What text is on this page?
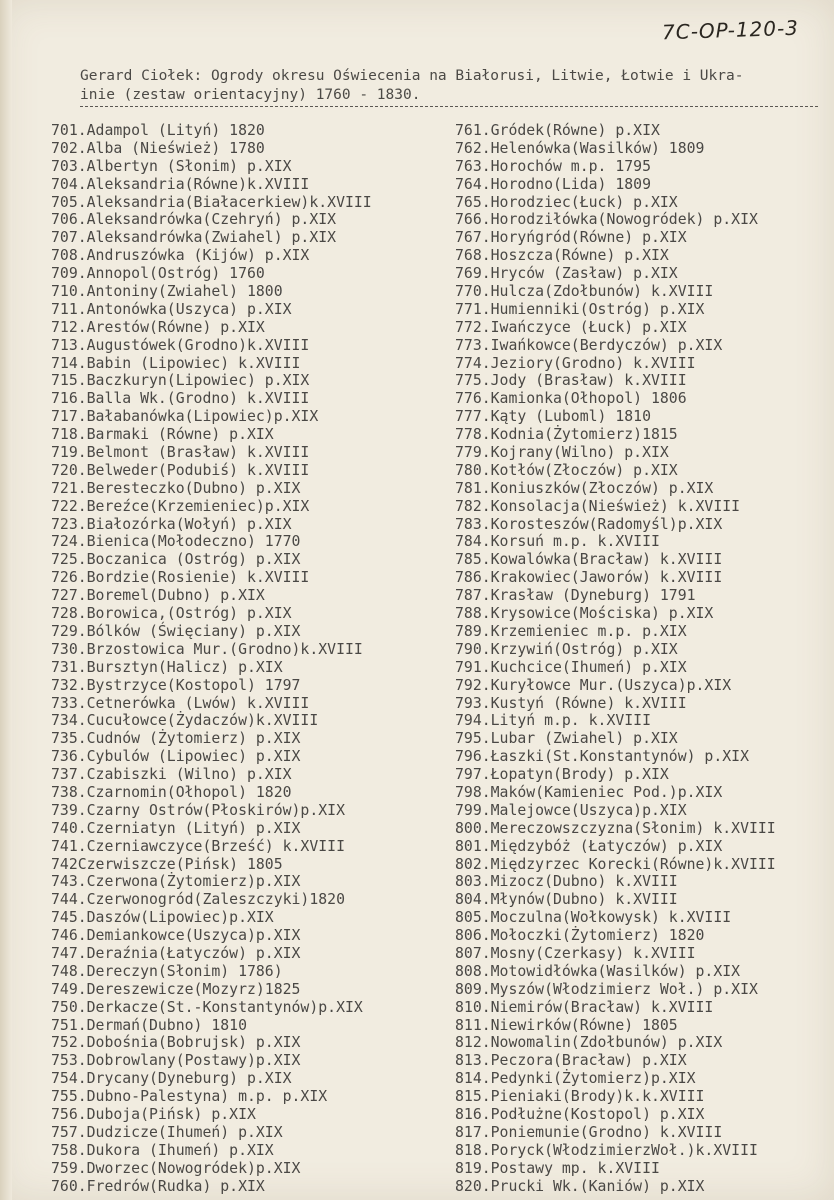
7C-OP-120-3
Gerard Ciołek: Ogrody okresu Oświecenia na Białorusi, Litwie, Łotwie i Ukra-
inie (zestaw orientacyjny) 1760 - 1830.
701.Adampol (Lityń) 1820
702.Alba (Nieśwież) 1780
703.Albertyn (Słonim) p.XIX
704.Aleksandria(Równe)k.XVIII
705.Aleksandria(Białacerkiew)k.XVIII
706.Aleksandrówka(Czehryń) p.XIX
707.Aleksandrówka(Zwiahel) p.XIX
708.Andruszówka (Kijów) p.XIX
709.Annopol(Ostróg) 1760
710.Antoniny(Zwiahel) 1800
711.Antonówka(Uszyca) p.XIX
712.Arestów(Równe) p.XIX
713.Augustówek(Grodno)k.XVIII
714.Babin (Lipowiec) k.XVIII
715.Baczkuryn(Lipowiec) p.XIX
716.Balla Wk.(Grodno) k.XVIII
717.Bałabanówka(Lipowiec)p.XIX
718.Barmaki (Równe) p.XIX
719.Belmont (Brasław) k.XVIII
720.Belweder(Podubiś) k.XVIII
721.Beresteczko(Dubno) p.XIX
722.Bereźce(Krzemieniec)p.XIX
723.Białozórka(Wołyń) p.XIX
724.Bienica(Mołodeczno) 1770
725.Boczanica (Ostróg) p.XIX
726.Bordzie(Rosienie) k.XVIII
727.Boremel(Dubno) p.XIX
728.Borowica,(Ostróg) p.XIX
729.Bólków (Święciany) p.XIX
730.Brzostowica Mur.(Grodno)k.XVIII
731.Bursztyn(Halicz) p.XIX
732.Bystrzyce(Kostopol) 1797
733.Cetnerówka (Lwów) k.XVIII
734.Cucułowce(Żydaczów)k.XVIII
735.Cudnów (Żytomierz) p.XIX
736.Cybulów (Lipowiec) p.XIX
737.Czabiszki (Wilno) p.XIX
738.Czarnomin(Ołhopol) 1820
739.Czarny Ostrów(Płoskirów)p.XIX
740.Czerniatyn (Lityń) p.XIX
741.Czerniawczyce(Brześć) k.XVIII
742Czerwiszcze(Pińsk) 1805
743.Czerwona(Żytomierz)p.XIX
744.Czerwonogród(Zaleszczyki)1820
745.Daszów(Lipowiec)p.XIX
746.Demiankowce(Uszyca)p.XIX
747.Deraźnia(Łatyczów) p.XIX
748.Dereczyn(Słonim) 1786)
749.Dereszewicze(Mozyrz)1825
750.Derkacze(St.-Konstantynów)p.XIX
751.Dermań(Dubno) 1810
752.Dobośnia(Bobrujsk) p.XIX
753.Dobrowlany(Postawy)p.XIX
754.Drycany(Dyneburg) p.XIX
755.Dubno-Palestyna) m.p. p.XIX
756.Duboja(Pińsk) p.XIX
757.Dudzicze(Ihumeń) p.XIX
758.Dukora (Ihumeń) p.XIX
759.Dworzec(Nowogródek)p.XIX
760.Fredrów(Rudka) p.XIX
761.Gródek(Równe) p.XIX
762.Helenówka(Wasilków) 1809
763.Horochów m.p. 1795
764.Horodno(Lida) 1809
765.Horodziec(Łuck) p.XIX
766.Horodziłówka(Nowogródek) p.XIX
767.Horyńgród(Równe) p.XIX
768.Hoszcza(Równe) p.XIX
769.Hryców (Zasław) p.XIX
770.Hulcza(Zdołbunów) k.XVIII
771.Humienniki(Ostróg) p.XIX
772.Iwańczyce (Łuck) p.XIX
773.Iwańkowce(Berdyczów) p.XIX
774.Jeziory(Grodno) k.XVIII
775.Jody (Brasław) k.XVIII
776.Kamionka(Ołhopol) 1806
777.Kąty (Luboml) 1810
778.Kodnia(Żytomierz)1815
779.Kojrany(Wilno) p.XIX
780.Kotłów(Złoczów) p.XIX
781.Koniuszków(Złoczów) p.XIX
782.Konsolacja(Nieśwież) k.XVIII
783.Korosteszów(Radomyśl)p.XIX
784.Korsuń m.p. k.XVIII
785.Kowalówka(Bracław) k.XVIII
786.Krakowiec(Jaworów) k.XVIII
787.Krasław (Dyneburg) 1791
788.Krysowice(Mościska) p.XIX
789.Krzemieniec m.p. p.XIX
790.Krzywiń(Ostróg) p.XIX
791.Kuchcice(Ihumeń) p.XIX
792.Kuryłowce Mur.(Uszyca)p.XIX
793.Kustyń (Równe) k.XVIII
794.Lityń m.p. k.XVIII
795.Lubar (Zwiahel) p.XIX
796.Łaszki(St.Konstantynów) p.XIX
797.Łopatyn(Brody) p.XIX
798.Maków(Kamieniec Pod.)p.XIX
799.Malejowce(Uszyca)p.XIX
800.Mereczowszczyzna(Słonim) k.XVIII
801.Międzybóż (Łatyczów) p.XIX
802.Międzyrzec Korecki(Równe)k.XVIII
803.Mizocz(Dubno) k.XVIII
804.Młynów(Dubno) k.XVIII
805.Moczulna(Wołkowysk) k.XVIII
806.Mołoczki(Żytomierz) 1820
807.Mosny(Czerkasy) k.XVIII
808.Motowidłówka(Wasilków) p.XIX
809.Myszów(Włodzimierz Woł.) p.XIX
810.Niemirów(Bracław) k.XVIII
811.Niewirków(Równe) 1805
812.Nowomalin(Zdołbunów) p.XIX
813.Peczora(Bracław) p.XIX
814.Pedynki(Żytomierz)p.XIX
815.Pieniaki(Brody)k.k.XVIII
816.Podłużne(Kostopol) p.XIX
817.Poniemunie(Grodno) k.XVIII
818.Poryck(WłodzimierzWoł.)k.XVIII
819.Postawy mp. k.XVIII
820.Prucki Wk.(Kaniów) p.XIX
